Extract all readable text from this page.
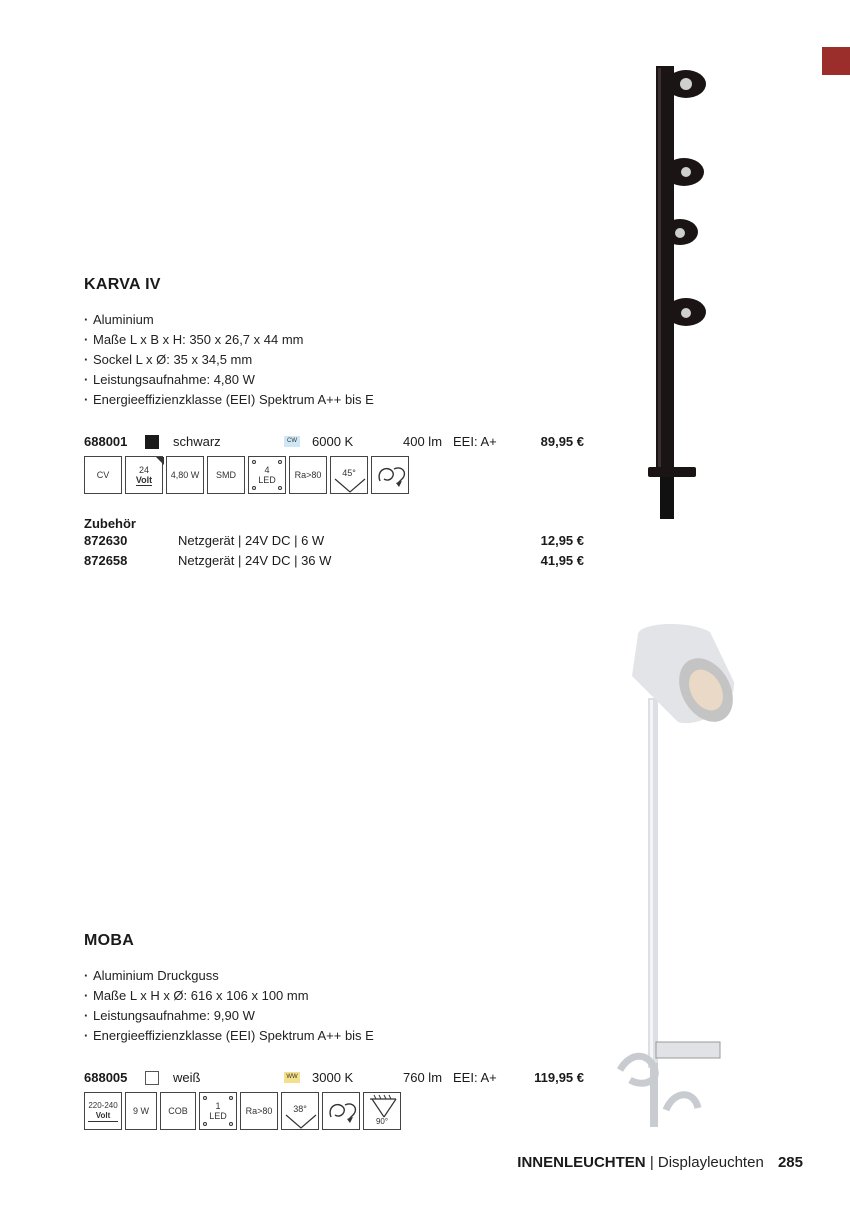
KARVA IV
· Aluminium
· Maße L x B x H: 350 x 26,7 x 44 mm
· Sockel L x Ø: 35 x 34,5 mm
· Leistungsaufnahme: 4,80 W
· Energieeffizienzklasse (EEI) Spektrum A++ bis E
688001	schwarz	CW 6000 K	400 lm EEI: A+	89,95 €
CV
24
Volt 4,80 W SMD	4
LED Ra>80 45°
Zubehör
872630	Netzgerät | 24V DC | 6 W	12,95 €
872658	Netzgerät | 24V DC | 36 W	41,95 €
MOBA
· Aluminium Druckguss
· Maße L x H x Ø: 616 x 106 x 100 mm
· Leistungsaufnahme: 9,90 W
· Energieeffizienzklasse (EEI) Spektrum A++ bis E
688005	weiß	WW 3000 K	760 lm EEI: A+	119,95 €
220-240
Volt	9 W COB	1
LED Ra>80 38°
90°
INNENLEUCHTEN | Displayleuchten 285
